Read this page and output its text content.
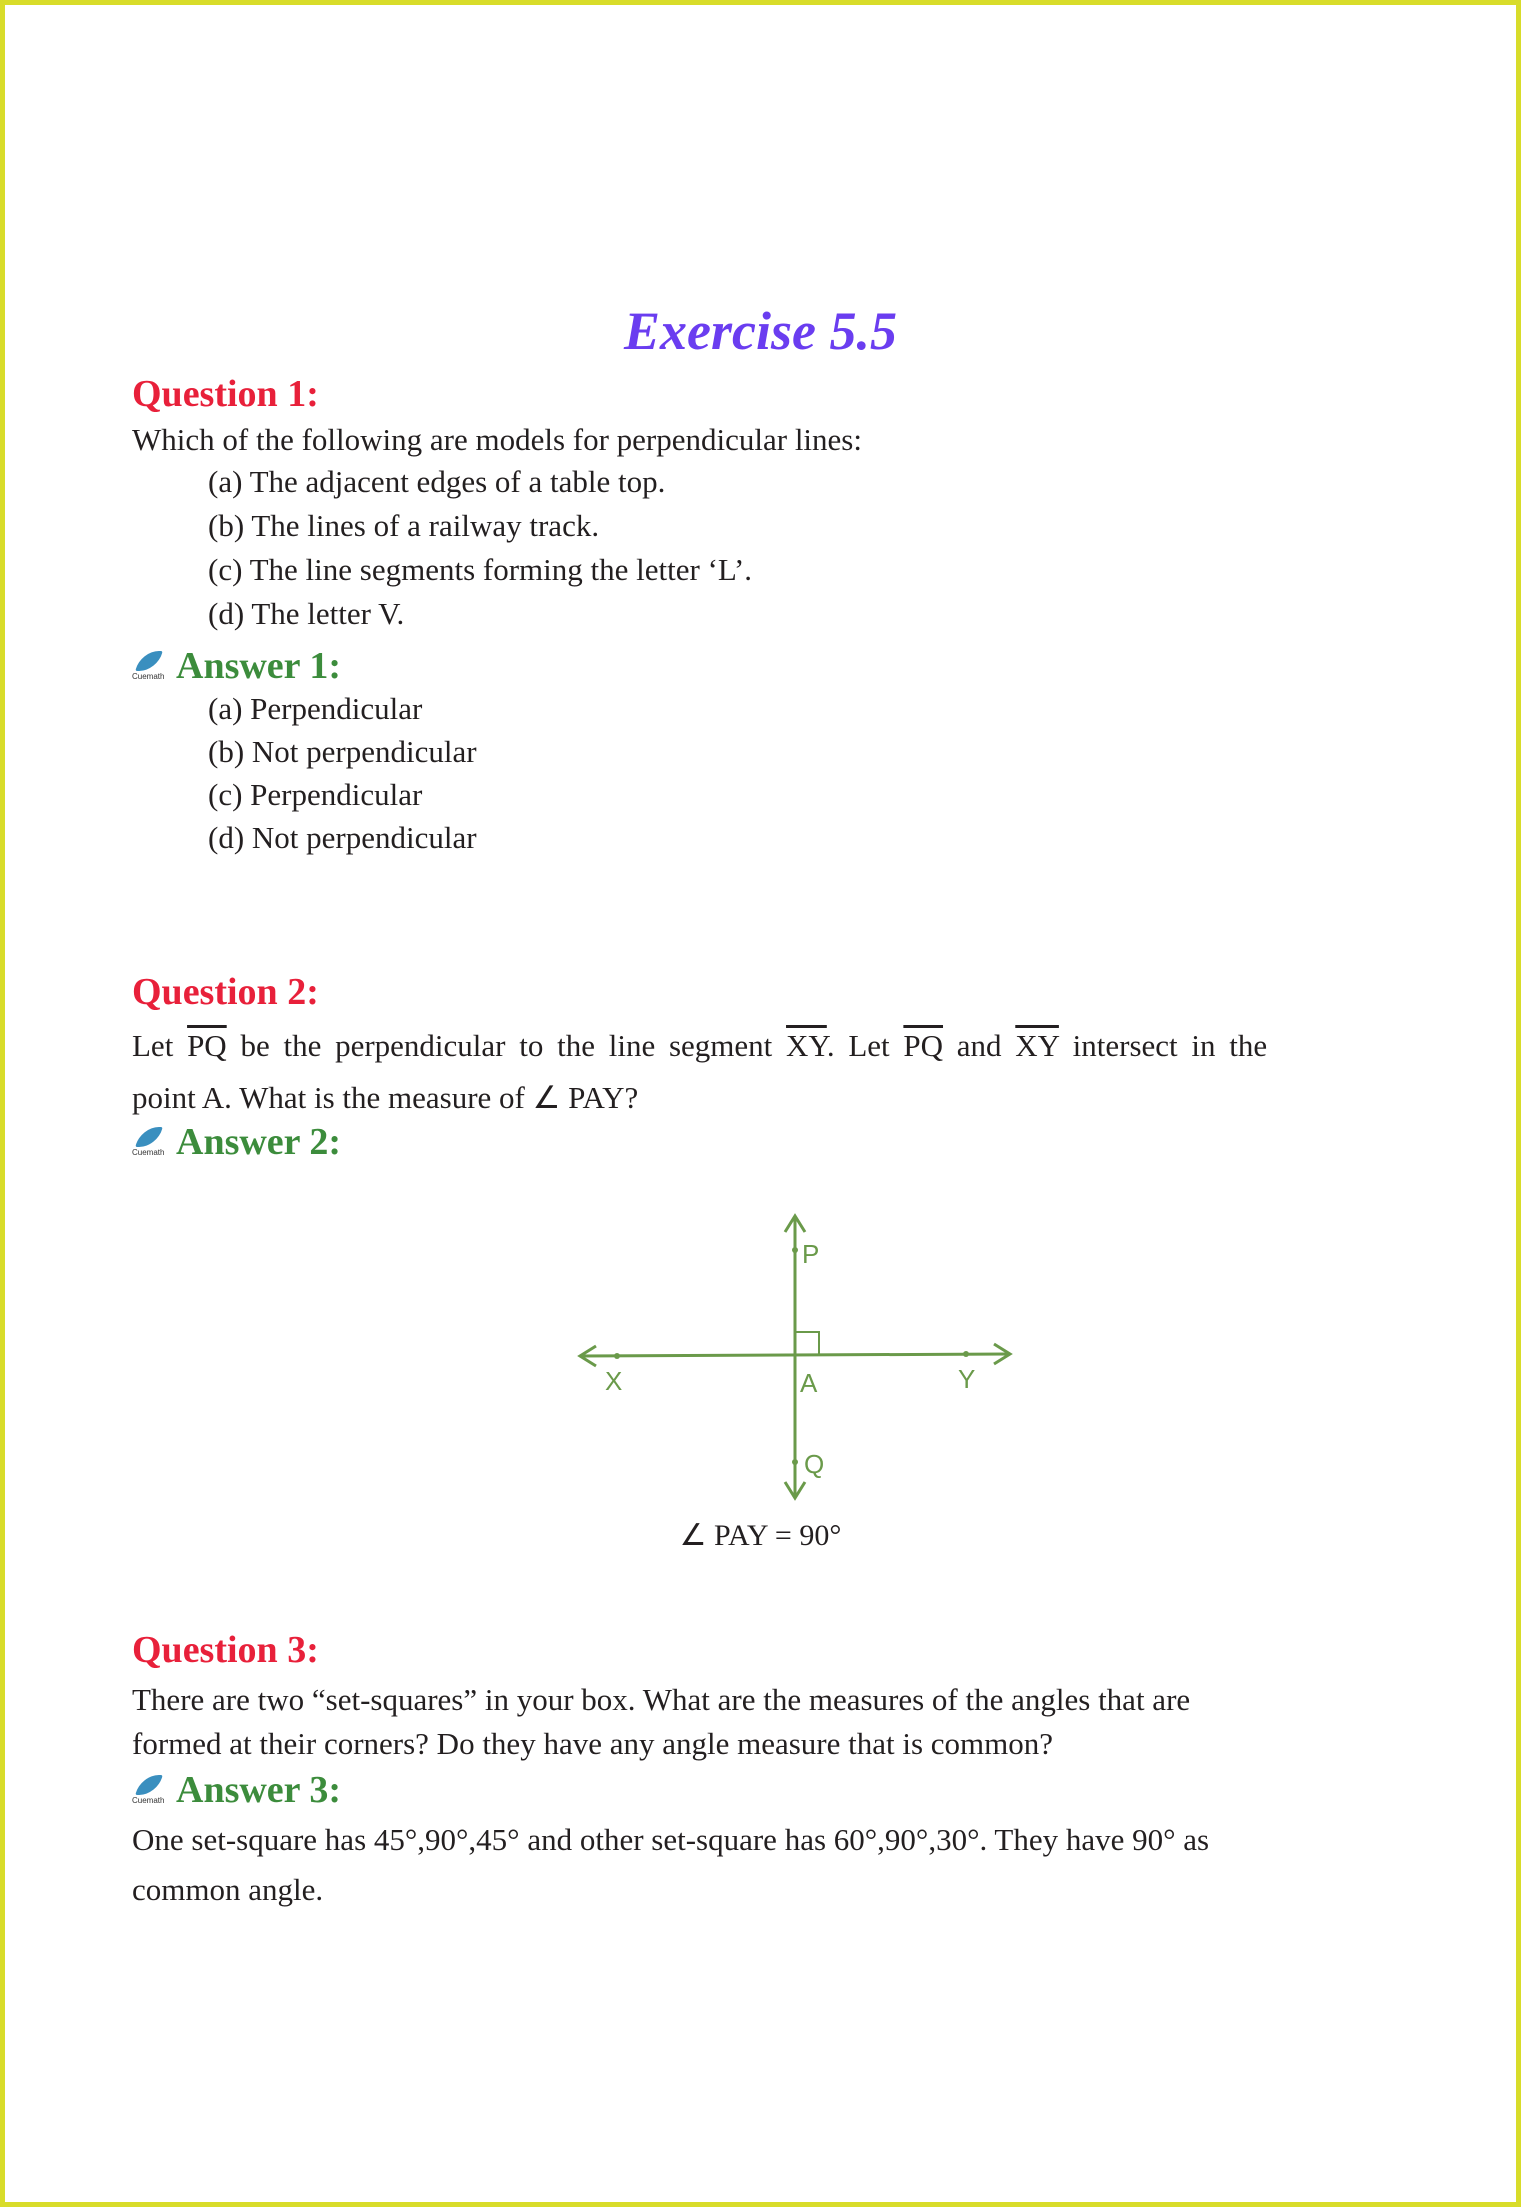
Exercise 5.5
Question 1:
Which of the following are models for perpendicular lines:
(a) The adjacent edges of a table top.
(b) The lines of a railway track.
(c) The line segments forming the letter ‘L’.
(d) The letter V.
Cuemath Answer 1:
(a) Perpendicular
(b) Not perpendicular
(c) Perpendicular
(d) Not perpendicular
Question 2:
Let $\overline{PQ}$ be the perpendicular to the line segment $\overline{XY}$. Let $\overline{PQ}$ and $\overline{XY}$ intersect in the
point A. What is the measure of ∠ PAY?
Cuemath Answer 2:
P
A
X	Y
Q
∠ PAY = 90°
Question 3:
There are two “set-squares” in your box. What are the measures of the angles that are
formed at their corners? Do they have any angle measure that is common?
Cuemath Answer 3:
One set-square has 45°,90°,45° and other set-square has 60°,90°,30°. They have 90° as
common angle.
